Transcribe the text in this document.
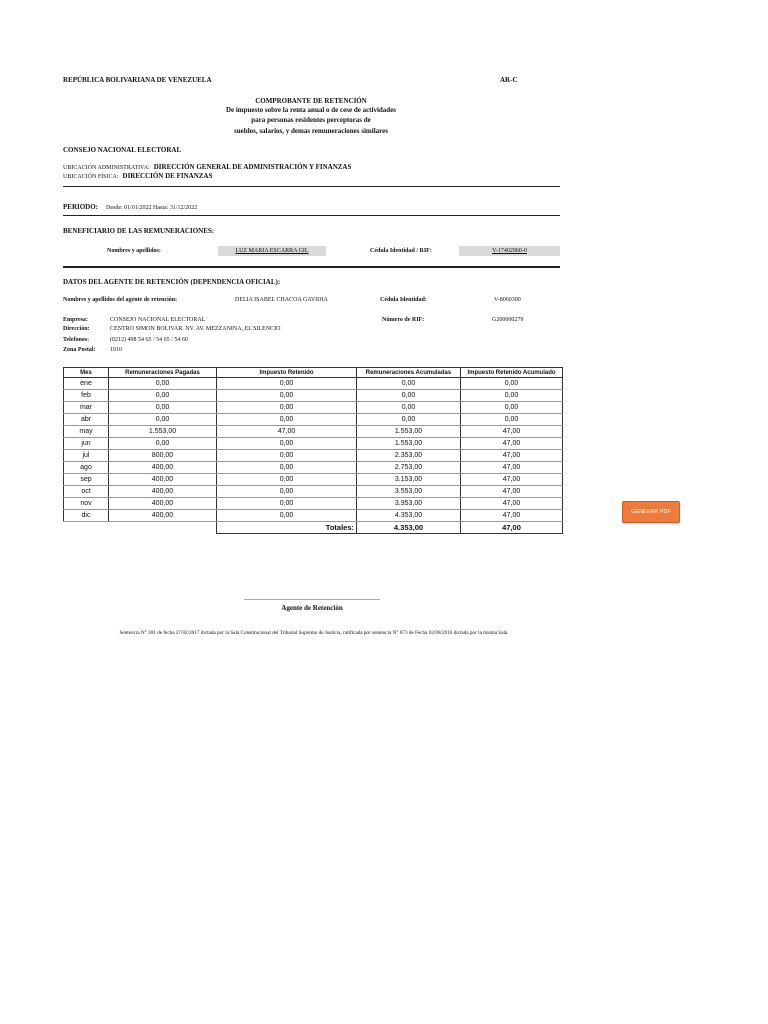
REPÚBLICA BOLIVARIANA DE VENEZUELA	AR-C
COMPROBANTE DE RETENCIÓN
De impuesto sobre la renta anual o de cese de actividades
para personas residentes perceptoras de
sueldos, salarios, y demas remuneraciones similares
CONSEJO NACIONAL ELECTORAL
UBICACIÓN ADMINISTRATIVA: DIRECCIÓN GENERAL DE ADMINISTRACIÓN Y FINANZAS
UBICACIÓN FÍSICA: DIRECCIÓN DE FINANZAS
PERIODO: Desde: 01/01/2022 Hasta: 31/12/2022
BENEFICIARIO DE LAS REMUNERACIONES:
Nombres y apellidos:	LUZ MARIA ESCARRA GIL	Cédula Identidad / RIF:	V-17402960-0
DATOS DEL AGENTE DE RETENCIÓN (DEPENDENCIA OFICIAL):
Nombres y apellidos del agente de retención:	DELIA ISABEL CHACOA GAVIDIA	Cédula Identidad:	V-8060300
Empresa:	CONSEJO NACIONAL ELECTORAL	Número de RIF:	G200000279
Dirección:	CENTRO SIMON BOLIVAR. NV. AV. MEZZANINA, EL SILENCIO
Telefonos:	(0212) 498 54 65 / 54 65 / 54 60
Zona Postal: 1010
Mes	Remuneraciones Pagadas	Impuesto Retenido	Remuneraciones Acumuladas	Impuesto Retenido Acumulado
ene	0,00	0,00	0,00	0,00
feb	0,00	0,00	0,00	0,00
mar	0,00	0,00	0,00	0,00
abr	0,00	0,00	0,00	0,00
may	1.553,00	47,00	1.553,00	47,00
jun	0,00	0,00	1.553,00	47,00
jul	800,00	0,00	2.353,00	47,00
ago	400,00	0,00	2.753,00	47,00
sep	400,00	0,00	3.153,00	47,00
oct	400,00	0,00	3.553,00	47,00
nov	400,00	0,00	3.953,00	47,00
dic	400,00	0,00	4.353,00	47,00
		Totales:	4.353,00	47,00
GENERAR PDF
Agente de Retención
Sentencia N° 301 de fecha 27/02/2017 dictada por la Sala Constitucional del Tribunal Supremo de Justicia, ratificada por sentencia N° 673 de Fecha 02/08/2016 dictada por la misma Sala.
